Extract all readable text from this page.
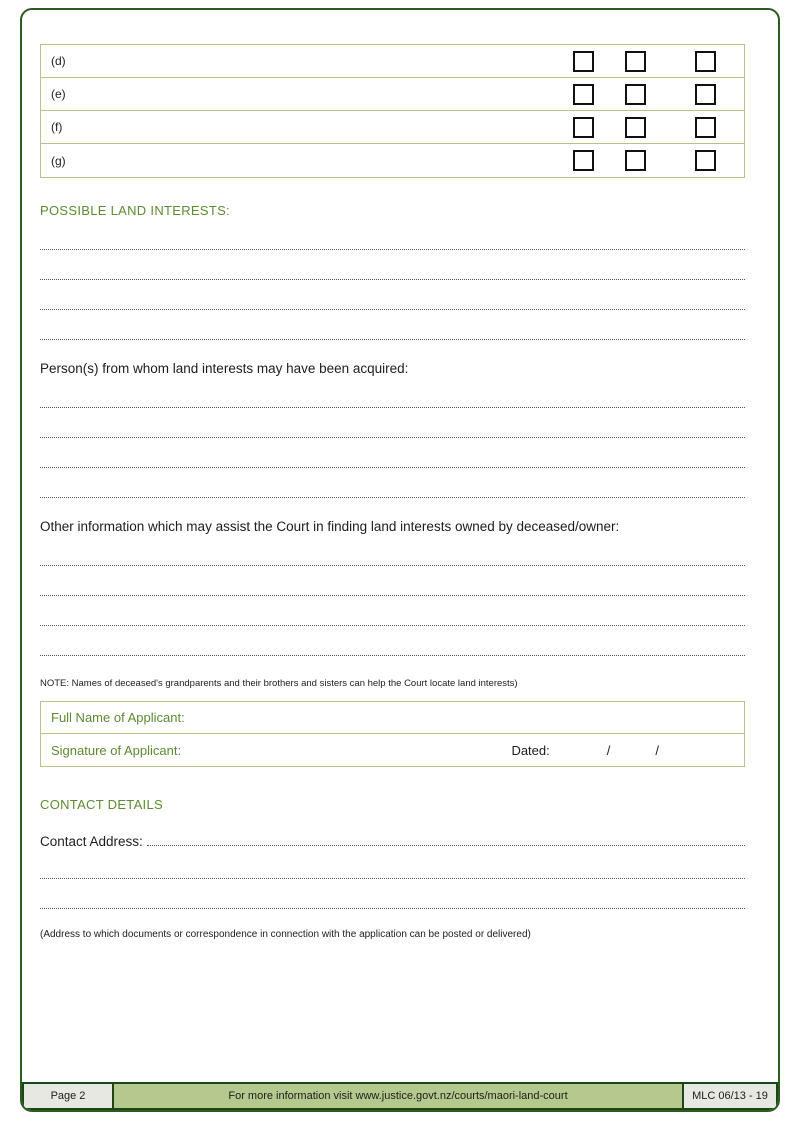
(d)
(e)
(f)
(g)
POSSIBLE LAND INTERESTS:
Person(s) from whom land interests may have been acquired:
Other information which may assist the Court in finding land interests owned by deceased/owner:
NOTE: Names of deceased's grandparents and their brothers and sisters can help the Court locate land interests)
Full Name of Applicant:
Signature of Applicant:	Dated:	/	/
CONTACT DETAILS
Contact Address:
(Address to which documents or correspondence in connection with the application can be posted or delivered)
Page 2	For more information visit www.justice.govt.nz/courts/maori-land-court	MLC 06/13 - 19
